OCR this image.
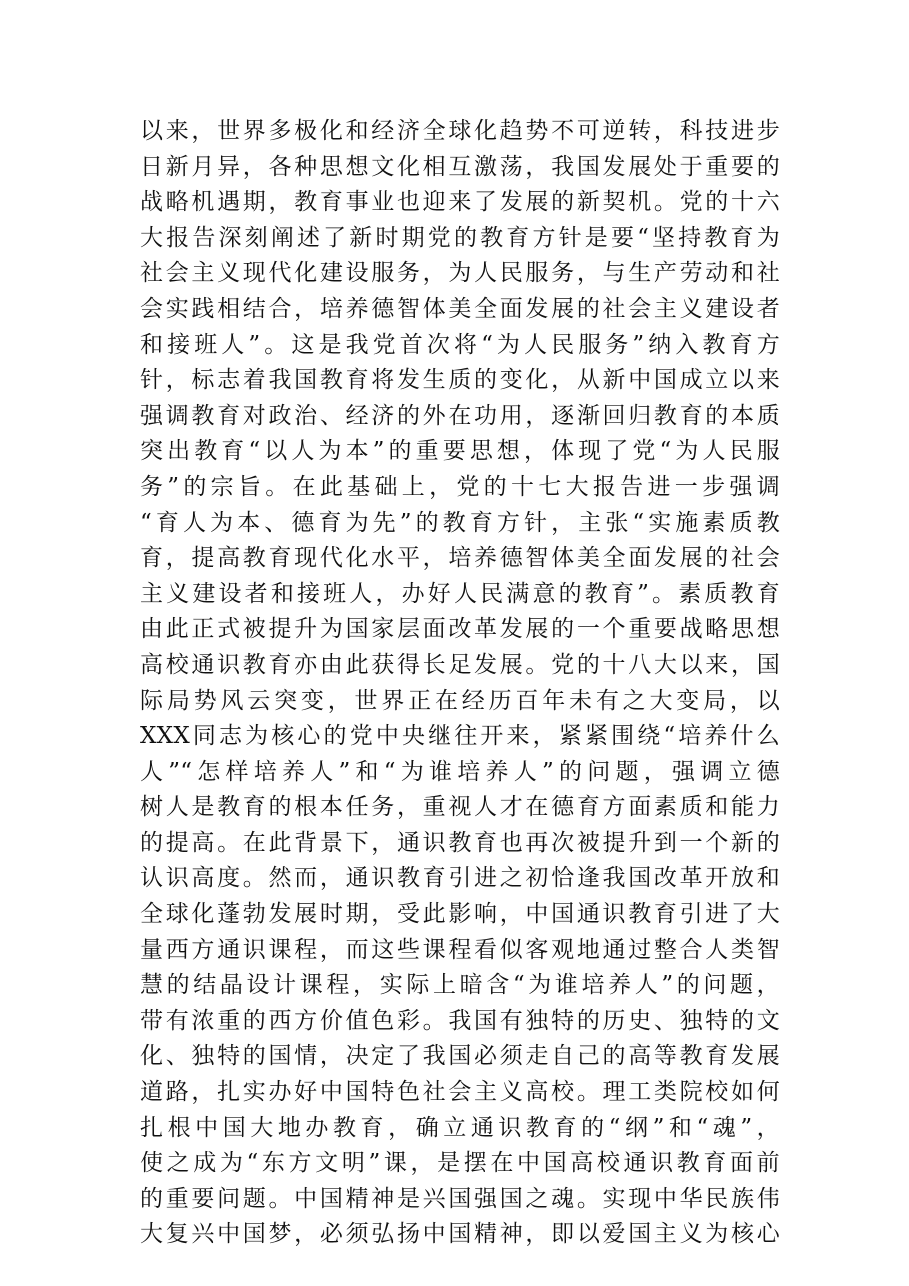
以来，世界多极化和经济全球化趋势不可逆转，科技进步
日新月异，各种思想文化相互激荡，我国发展处于重要的
战略机遇期，教育事业也迎来了发展的新契机。党的十六
大报告深刻阐述了新时期党的教育方针是要“坚持教育为
社会主义现代化建设服务，为人民服务，与生产劳动和社
会实践相结合，培养德智体美全面发展的社会主义建设者
和接班人”。这是我党首次将“为人民服务”纳入教育方
针，标志着我国教育将发生质的变化，从新中国成立以来
强调教育对政治、经济的外在功用，逐渐回归教育的本质
突出教育“以人为本”的重要思想，体现了党“为人民服
务”的宗旨。在此基础上，党的十七大报告进一步强调
“育人为本、德育为先”的教育方针，主张“实施素质教
育，提高教育现代化水平，培养德智体美全面发展的社会
主义建设者和接班人，办好人民满意的教育”。素质教育
由此正式被提升为国家层面改革发展的一个重要战略思想
高校通识教育亦由此获得长足发展。党的十八大以来，国
际局势风云突变，世界正在经历百年未有之大变局，以
XXX同志为核心的党中央继往开来，紧紧围绕“培养什么
人”“怎样培养人”和“为谁培养人”的问题，强调立德
树人是教育的根本任务，重视人才在德育方面素质和能力
的提高。在此背景下，通识教育也再次被提升到一个新的
认识高度。然而，通识教育引进之初恰逢我国改革开放和
全球化蓬勃发展时期，受此影响，中国通识教育引进了大
量西方通识课程，而这些课程看似客观地通过整合人类智
慧的结晶设计课程，实际上暗含“为谁培养人”的问题，
带有浓重的西方价值色彩。我国有独特的历史、独特的文
化、独特的国情，决定了我国必须走自己的高等教育发展
道路，扎实办好中国特色社会主义高校。理工类院校如何
扎根中国大地办教育，确立通识教育的“纲”和“魂”，
使之成为“东方文明”课，是摆在中国高校通识教育面前
的重要问题。中国精神是兴国强国之魂。实现中华民族伟
大复兴中国梦，必须弘扬中国精神，即以爱国主义为核心
